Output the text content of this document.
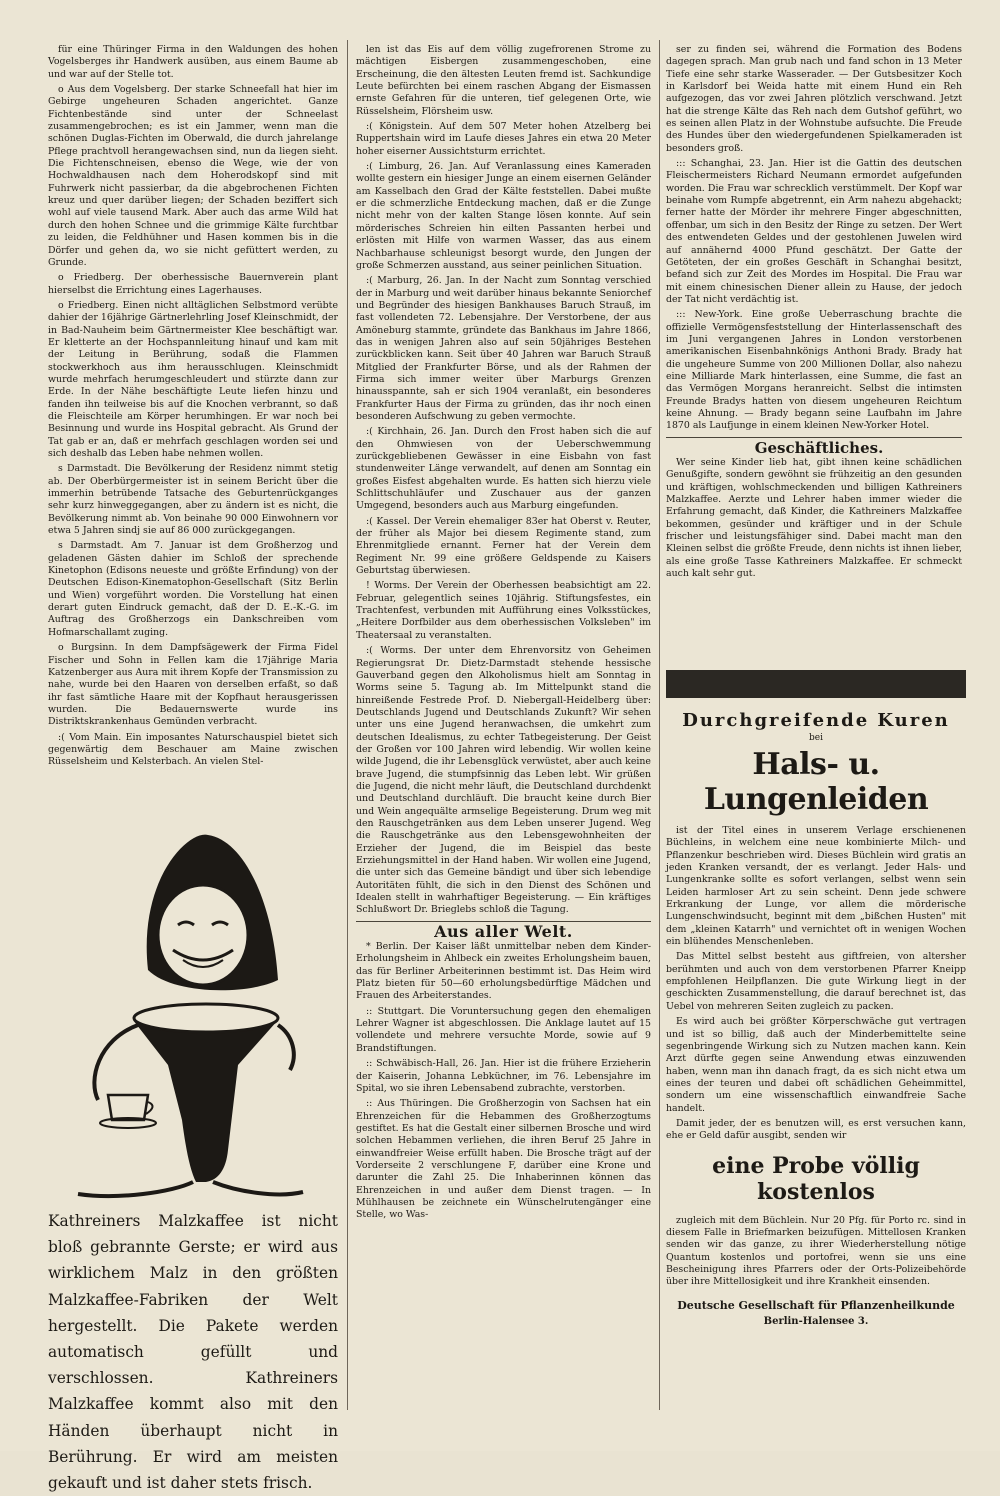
für eine Thüringer Firma in den Waldungen des hohen Vogelsberges ihr Handwerk ausüben, aus einem Baume ab und war auf der Stelle tot.

o Aus dem Vogelsberg. Der starke Schneefall hat hier im Gebirge ungeheuren Schaden angerichtet. Ganze Fichtenbestände sind unter der Schneelast zusammengebrochen; es ist ein Jammer, wenn man die schönen Duglas-Fichten im Oberwald, die durch jahrelange Pflege prachtvoll herangewachsen sind, nun da liegen sieht. Die Fichtenschneisen, ebenso die Wege, wie der von Hochwaldhausen nach dem Hoherodskopf sind mit Fuhrwerk nicht passierbar, da die abgebrochenen Fichten kreuz und quer darüber liegen; der Schaden beziffert sich wohl auf viele tausend Mark. Aber auch das arme Wild hat durch den hohen Schnee und die grimmige Kälte furchtbar zu leiden, die Feldhühner und Hasen kommen bis in die Dörfer und gehen da, wo sie nicht gefüttert werden, zu Grunde.

o Friedberg. Der oberhessische Bauernverein plant hierselbst die Errichtung eines Lagerhauses.

o Friedberg. Einen nicht alltäglichen Selbstmord verübte dahier der 16jährige Gärtnerlehrling Josef Kleinschmidt, der in Bad-Nauheim beim Gärtnermeister Klee beschäftigt war. Er kletterte an der Hochspannleitung hinauf und kam mit der Leitung in Berührung, sodaß die Flammen stockwerkhoch aus ihm herausschlugen. Kleinschmidt wurde mehrfach herumgeschleudert und stürzte dann zur Erde. In der Nähe beschäftigte Leute liefen hinzu und fanden ihn teilweise bis auf die Knochen verbrannt, so daß die Fleischteile am Körper herumhingen. Er war noch bei Besinnung und wurde ins Hospital gebracht. Als Grund der Tat gab er an, daß er mehrfach geschlagen worden sei und sich deshalb das Leben habe nehmen wollen.

s Darmstadt. Die Bevölkerung der Residenz nimmt stetig ab. Der Oberbürgermeister ist in seinem Bericht über die immerhin betrübende Tatsache des Geburtenrückganges sehr kurz hinweggegangen, aber zu ändern ist es nicht, die Bevölkerung nimmt ab. Von beinahe 90 000 Einwohnern vor etwa 5 Jahren sindj sie auf 86 000 zurückgegangen.

s Darmstadt. Am 7. Januar ist dem Großherzog und geladenen Gästen dahier im Schloß der sprechende Kinetophon (Edisons neueste und größte Erfindung) von der Deutschen Edison-Kinematophon-Gesellschaft (Sitz Berlin und Wien) vorgeführt worden. Die Vorstellung hat einen derart guten Eindruck gemacht, daß der D. E.-K.-G. im Auftrag des Großherzogs ein Dankschreiben vom Hofmarschallamt zuging.

o Burgsinn. In dem Dampfsägewerk der Firma Fidel Fischer und Sohn in Fellen kam die 17jährige Maria Katzenberger aus Aura mit ihrem Kopfe der Transmission zu nahe, wurde bei den Haaren von derselben erfaßt, so daß ihr fast sämtliche Haare mit der Kopfhaut herausgerissen wurden. Die Bedauernswerte wurde ins Distriktskrankenhaus Gemünden verbracht.

:( Vom Main. Ein imposantes Naturschauspiel bietet sich gegenwärtig dem Beschauer am Maine zwischen Rüsselsheim und Kelsterbach. An vielen Stel-

Kathreiners Malzkaffee ist nicht bloß gebrannte Gerste; er wird aus wirklichem Malz in den größten Malzkaffee-Fabriken der Welt hergestellt. Die Pakete werden automatisch gefüllt und verschlossen. Kathreiners Malzkaffee kommt also mit den Händen überhaupt nicht in Berührung. Er wird am meisten gekauft und ist daher stets frisch.

len ist das Eis auf dem völlig zugefrorenen Strome zu mächtigen Eisbergen zusammengeschoben, eine Erscheinung, die den ältesten Leuten fremd ist. Sachkundige Leute befürchten bei einem raschen Abgang der Eismassen ernste Gefahren für die unteren, tief gelegenen Orte, wie Rüsselsheim, Flörsheim usw.

:( Königstein. Auf dem 507 Meter hohen Atzelberg bei Ruppertshain wird im Laufe dieses Jahres ein etwa 20 Meter hoher eiserner Aussichtsturm errichtet.

:( Limburg, 26. Jan. Auf Veranlassung eines Kameraden wollte gestern ein hiesiger Junge an einem eisernen Geländer am Kasselbach den Grad der Kälte feststellen. Dabei mußte er die schmerzliche Entdeckung machen, daß er die Zunge nicht mehr von der kalten Stange lösen konnte. Auf sein mörderisches Schreien hin eilten Passanten herbei und erlösten mit Hilfe von warmen Wasser, das aus einem Nachbarhause schleunigst besorgt wurde, den Jungen der große Schmerzen ausstand, aus seiner peinlichen Situation.

:( Marburg, 26. Jan. In der Nacht zum Sonntag verschied der in Marburg und weit darüber hinaus bekannte Seniorchef und Begründer des hiesigen Bankhauses Baruch Strauß, im fast vollendeten 72. Lebensjahre. Der Verstorbene, der aus Amöneburg stammte, gründete das Bankhaus im Jahre 1866, das in wenigen Jahren also auf sein 50jähriges Bestehen zurückblicken kann. Seit über 40 Jahren war Baruch Strauß Mitglied der Frankfurter Börse, und als der Rahmen der Firma sich immer weiter über Marburgs Grenzen hinausspannte, sah er sich 1904 veranlaßt, ein besonderes Frankfurter Haus der Firma zu gründen, das ihr noch einen besonderen Aufschwung zu geben vermochte.

:( Kirchhain, 26. Jan. Durch den Frost haben sich die auf den Ohmwiesen von der Ueberschwemmung zurückgebliebenen Gewässer in eine Eisbahn von fast stundenweiter Länge verwandelt, auf denen am Sonntag ein großes Eisfest abgehalten wurde. Es hatten sich hierzu viele Schlittschuhläufer und Zuschauer aus der ganzen Umgegend, besonders auch aus Marburg eingefunden.

:( Kassel. Der Verein ehemaliger 83er hat Oberst v. Reuter, der früher als Major bei diesem Regimente stand, zum Ehrenmitgliede ernannt. Ferner hat der Verein dem Regiment Nr. 99 eine größere Geldspende zu Kaisers Geburtstag überwiesen.

! Worms. Der Verein der Oberhessen beabsichtigt am 22. Februar, gelegentlich seines 10jährig. Stiftungsfestes, ein Trachtenfest, verbunden mit Aufführung eines Volksstückes, „Heitere Dorfbilder aus dem oberhessischen Volksleben" im Theatersaal zu veranstalten.

:( Worms. Der unter dem Ehrenvorsitz von Geheimen Regierungsrat Dr. Dietz-Darmstadt stehende hessische Gauverband gegen den Alkoholismus hielt am Sonntag in Worms seine 5. Tagung ab. Im Mittelpunkt stand die hinreißende Festrede Prof. D. Niebergall-Heidelberg über: Deutschlands Jugend und Deutschlands Zukunft? Wir sehen unter uns eine Jugend heranwachsen, die umkehrt zum deutschen Idealismus, zu echter Tatbegeisterung. Der Geist der Großen vor 100 Jahren wird lebendig. Wir wollen keine wilde Jugend, die ihr Lebensglück verwüstet, aber auch keine brave Jugend, die stumpfsinnig das Leben lebt. Wir grüßen die Jugend, die nicht mehr läuft, die Deutschland durchdenkt und Deutschland durchläuft. Die braucht keine durch Bier und Wein angequälte armselige Begeisterung. Drum weg mit den Rauschgetränken aus dem Leben unserer Jugend. Weg die Rauschgetränke aus den Lebensgewohnheiten der Erzieher der Jugend, die im Beispiel das beste Erziehungsmittel in der Hand haben. Wir wollen eine Jugend, die unter sich das Gemeine bändigt und über sich lebendige Autoritäten fühlt, die sich in den Dienst des Schönen und Idealen stellt in wahrhaftiger Begeisterung. — Ein kräftiges Schlußwort Dr. Brieglebs schloß die Tagung.

Aus aller Welt.

* Berlin. Der Kaiser läßt unmittelbar neben dem Kinder-Erholungsheim in Ahlbeck ein zweites Erholungsheim bauen, das für Berliner Arbeiterinnen bestimmt ist. Das Heim wird Platz bieten für 50—60 erholungsbedürftige Mädchen und Frauen des Arbeiterstandes.

:: Stuttgart. Die Voruntersuchung gegen den ehemaligen Lehrer Wagner ist abgeschlossen. Die Anklage lautet auf 15 vollendete und mehrere versuchte Morde, sowie auf 9 Brandstiftungen.

:: Schwäbisch-Hall, 26. Jan. Hier ist die frühere Erzieherin der Kaiserin, Johanna Lebküchner, im 76. Lebensjahre im Spital, wo sie ihren Lebensabend zubrachte, verstorben.

:: Aus Thüringen. Die Großherzogin von Sachsen hat ein Ehrenzeichen für die Hebammen des Großherzogtums gestiftet. Es hat die Gestalt einer silbernen Brosche und wird solchen Hebammen verliehen, die ihren Beruf 25 Jahre in einwandfreier Weise erfüllt haben. Die Brosche trägt auf der Vorderseite 2 verschlungene F, darüber eine Krone und darunter die Zahl 25. Die Inhaberinnen können das Ehrenzeichen in und außer dem Dienst tragen. — In Mühlhausen be zeichnete ein Wünschelrutengänger eine Stelle, wo Was-

ser zu finden sei, während die Formation des Bodens dagegen sprach. Man grub nach und fand schon in 13 Meter Tiefe eine sehr starke Wasserader. — Der Gutsbesitzer Koch in Karlsdorf bei Weida hatte mit einem Hund ein Reh aufgezogen, das vor zwei Jahren plötzlich verschwand. Jetzt hat die strenge Kälte das Reh nach dem Gutshof geführt, wo es seinen allen Platz in der Wohnstube aufsuchte. Die Freude des Hundes über den wiedergefundenen Spielkameraden ist besonders groß.

::: Schanghai, 23. Jan. Hier ist die Gattin des deutschen Fleischermeisters Richard Neumann ermordet aufgefunden worden. Die Frau war schrecklich verstümmelt. Der Kopf war beinahe vom Rumpfe abgetrennt, ein Arm nahezu abgehackt; ferner hatte der Mörder ihr mehrere Finger abgeschnitten, offenbar, um sich in den Besitz der Ringe zu setzen. Der Wert des entwendeten Geldes und der gestohlenen Juwelen wird auf annähernd 4000 Pfund geschätzt. Der Gatte der Getöteten, der ein großes Geschäft in Schanghai besitzt, befand sich zur Zeit des Mordes im Hospital. Die Frau war mit einem chinesischen Diener allein zu Hause, der jedoch der Tat nicht verdächtig ist.

::: New-York. Eine große Ueberraschung brachte die offizielle Vermögensfeststellung der Hinterlassenschaft des im Juni vergangenen Jahres in London verstorbenen amerikanischen Eisenbahnkönigs Anthoni Brady. Brady hat die ungeheure Summe von 200 Millionen Dollar, also nahezu eine Milliarde Mark hinterlassen, eine Summe, die fast an das Vermögen Morgans heranreicht. Selbst die intimsten Freunde Bradys hatten von diesem ungeheuren Reichtum keine Ahnung. — Brady begann seine Laufbahn im Jahre 1870 als Laufjunge in einem kleinen New-Yorker Hotel.

Geschäftliches.

Wer seine Kinder lieb hat, gibt ihnen keine schädlichen Genußgifte, sondern gewöhnt sie frühzeitig an den gesunden und kräftigen, wohlschmeckenden und billigen Kathreiners Malzkaffee. Aerzte und Lehrer haben immer wieder die Erfahrung gemacht, daß Kinder, die Kathreiners Malzkaffee bekommen, gesünder und kräftiger und in der Schule frischer und leistungsfähiger sind. Dabei macht man den Kleinen selbst die größte Freude, denn nichts ist ihnen lieber, als eine große Tasse Kathreiners Malzkaffee. Er schmeckt auch kalt sehr gut.

Durchgreifende Kuren
bei
Hals- u. Lungenleiden

ist der Titel eines in unserem Verlage erschienenen Büchleins, in welchem eine neue kombinierte Milch- und Pflanzenkur beschrieben wird. Dieses Büchlein wird gratis an jeden Kranken versandt, der es verlangt. Jeder Hals- und Lungenkranke sollte es sofort verlangen, selbst wenn sein Leiden harmloser Art zu sein scheint. Denn jede schwere Erkrankung der Lunge, vor allem die mörderische Lungenschwindsucht, beginnt mit dem „bißchen Husten" mit dem „kleinen Katarrh" und vernichtet oft in wenigen Wochen ein blühendes Menschenleben.

Das Mittel selbst besteht aus giftfreien, von altersher berühmten und auch von dem verstorbenen Pfarrer Kneipp empfohlenen Heilpflanzen. Die gute Wirkung liegt in der geschickten Zusammenstellung, die darauf berechnet ist, das Uebel von mehreren Seiten zugleich zu packen.

Es wird auch bei größter Körperschwäche gut vertragen und ist so billig, daß auch der Minderbemittelte seine segenbringende Wirkung sich zu Nutzen machen kann. Kein Arzt dürfte gegen seine Anwendung etwas einzuwenden haben, wenn man ihn danach fragt, da es sich nicht etwa um eines der teuren und dabei oft schädlichen Geheimmittel, sondern um eine wissenschaftlich einwandfreie Sache handelt.

Damit jeder, der es benutzen will, es erst versuchen kann, ehe er Geld dafür ausgibt, senden wir

eine Probe völlig kostenlos

zugleich mit dem Büchlein. Nur 20 Pfg. für Porto rc. sind in diesem Falle in Briefmarken beizufügen. Mittellosen Kranken senden wir das ganze, zu ihrer Wiederherstellung nötige Quantum kostenlos und portofrei, wenn sie uns eine Bescheinigung ihres Pfarrers oder der Orts-Polizeibehörde über ihre Mittellosigkeit und ihre Krankheit einsenden.

Deutsche Gesellschaft für Pflanzenheilkunde
Berlin-Halensee 3.
